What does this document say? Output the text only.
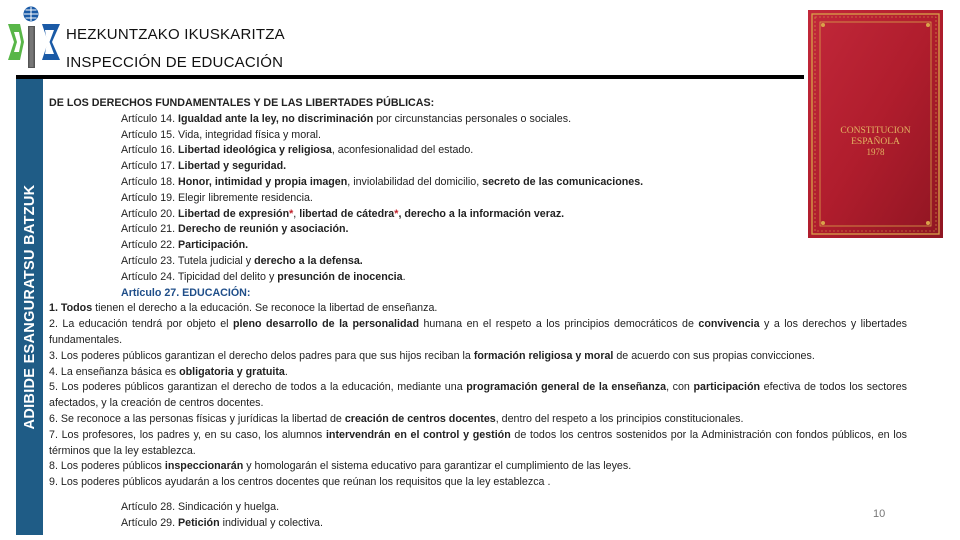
HEZKUNTZAKO IKUSKARITZA
INSPECCIÓN DE EDUCACIÓN
ADIBIDE ESANGURATSU BATZUK
CONSTITUCION
ESPAÑOLA
1978
DE LOS DERECHOS FUNDAMENTALES Y DE LAS LIBERTADES PÚBLICAS:
Artículo 14. Igualdad ante la ley, no discriminación por circunstancias personales o sociales.
Artículo 15. Vida, integridad física y moral.
Artículo 16. Libertad ideológica y religiosa, aconfesionalidad del estado.
Artículo 17. Libertad y seguridad.
Artículo 18. Honor, intimidad y propia imagen, inviolabilidad del domicilio, secreto de las comunicaciones.
Artículo 19. Elegir libremente residencia.
Artículo 20. Libertad de expresión*, libertad de cátedra*, derecho a la información veraz.
Artículo 21. Derecho de reunión y asociación.
Artículo 22. Participación.
Artículo 23. Tutela judicial y derecho a la defensa.
Artículo 24. Tipicidad del delito y presunción de inocencia.
Artículo 27. EDUCACIÓN:
1. Todos tienen el derecho a la educación. Se reconoce la libertad de enseñanza.
2. La educación tendrá por objeto el pleno desarrollo de la personalidad humana en el respeto a los principios democráticos de convivencia y a los derechos y libertades fundamentales.
3. Los poderes públicos garantizan el derecho delos padres para que sus hijos reciban la formación religiosa y moral de acuerdo con sus propias convicciones.
4. La enseñanza básica es obligatoria y gratuita.
5. Los poderes públicos garantizan el derecho de todos a la educación, mediante una programación general de la enseñanza, con participación efectiva de todos los sectores afectados, y la creación de centros docentes.
6. Se reconoce a las personas físicas y jurídicas la libertad de creación de centros docentes, dentro del respeto a los principios constitucionales.
7. Los profesores, los padres y, en su caso, los alumnos intervendrán en el control y gestión de todos los centros sostenidos por la Administración con fondos públicos, en los términos que la ley establezca.
8. Los poderes públicos inspeccionarán y homologarán el sistema educativo para garantizar el cumplimiento de las leyes.
9. Los poderes públicos ayudarán a los centros docentes que reúnan los requisitos que la ley establezca .
Artículo 28. Sindicación y huelga.
Artículo 29. Petición individual y colectiva.
10
